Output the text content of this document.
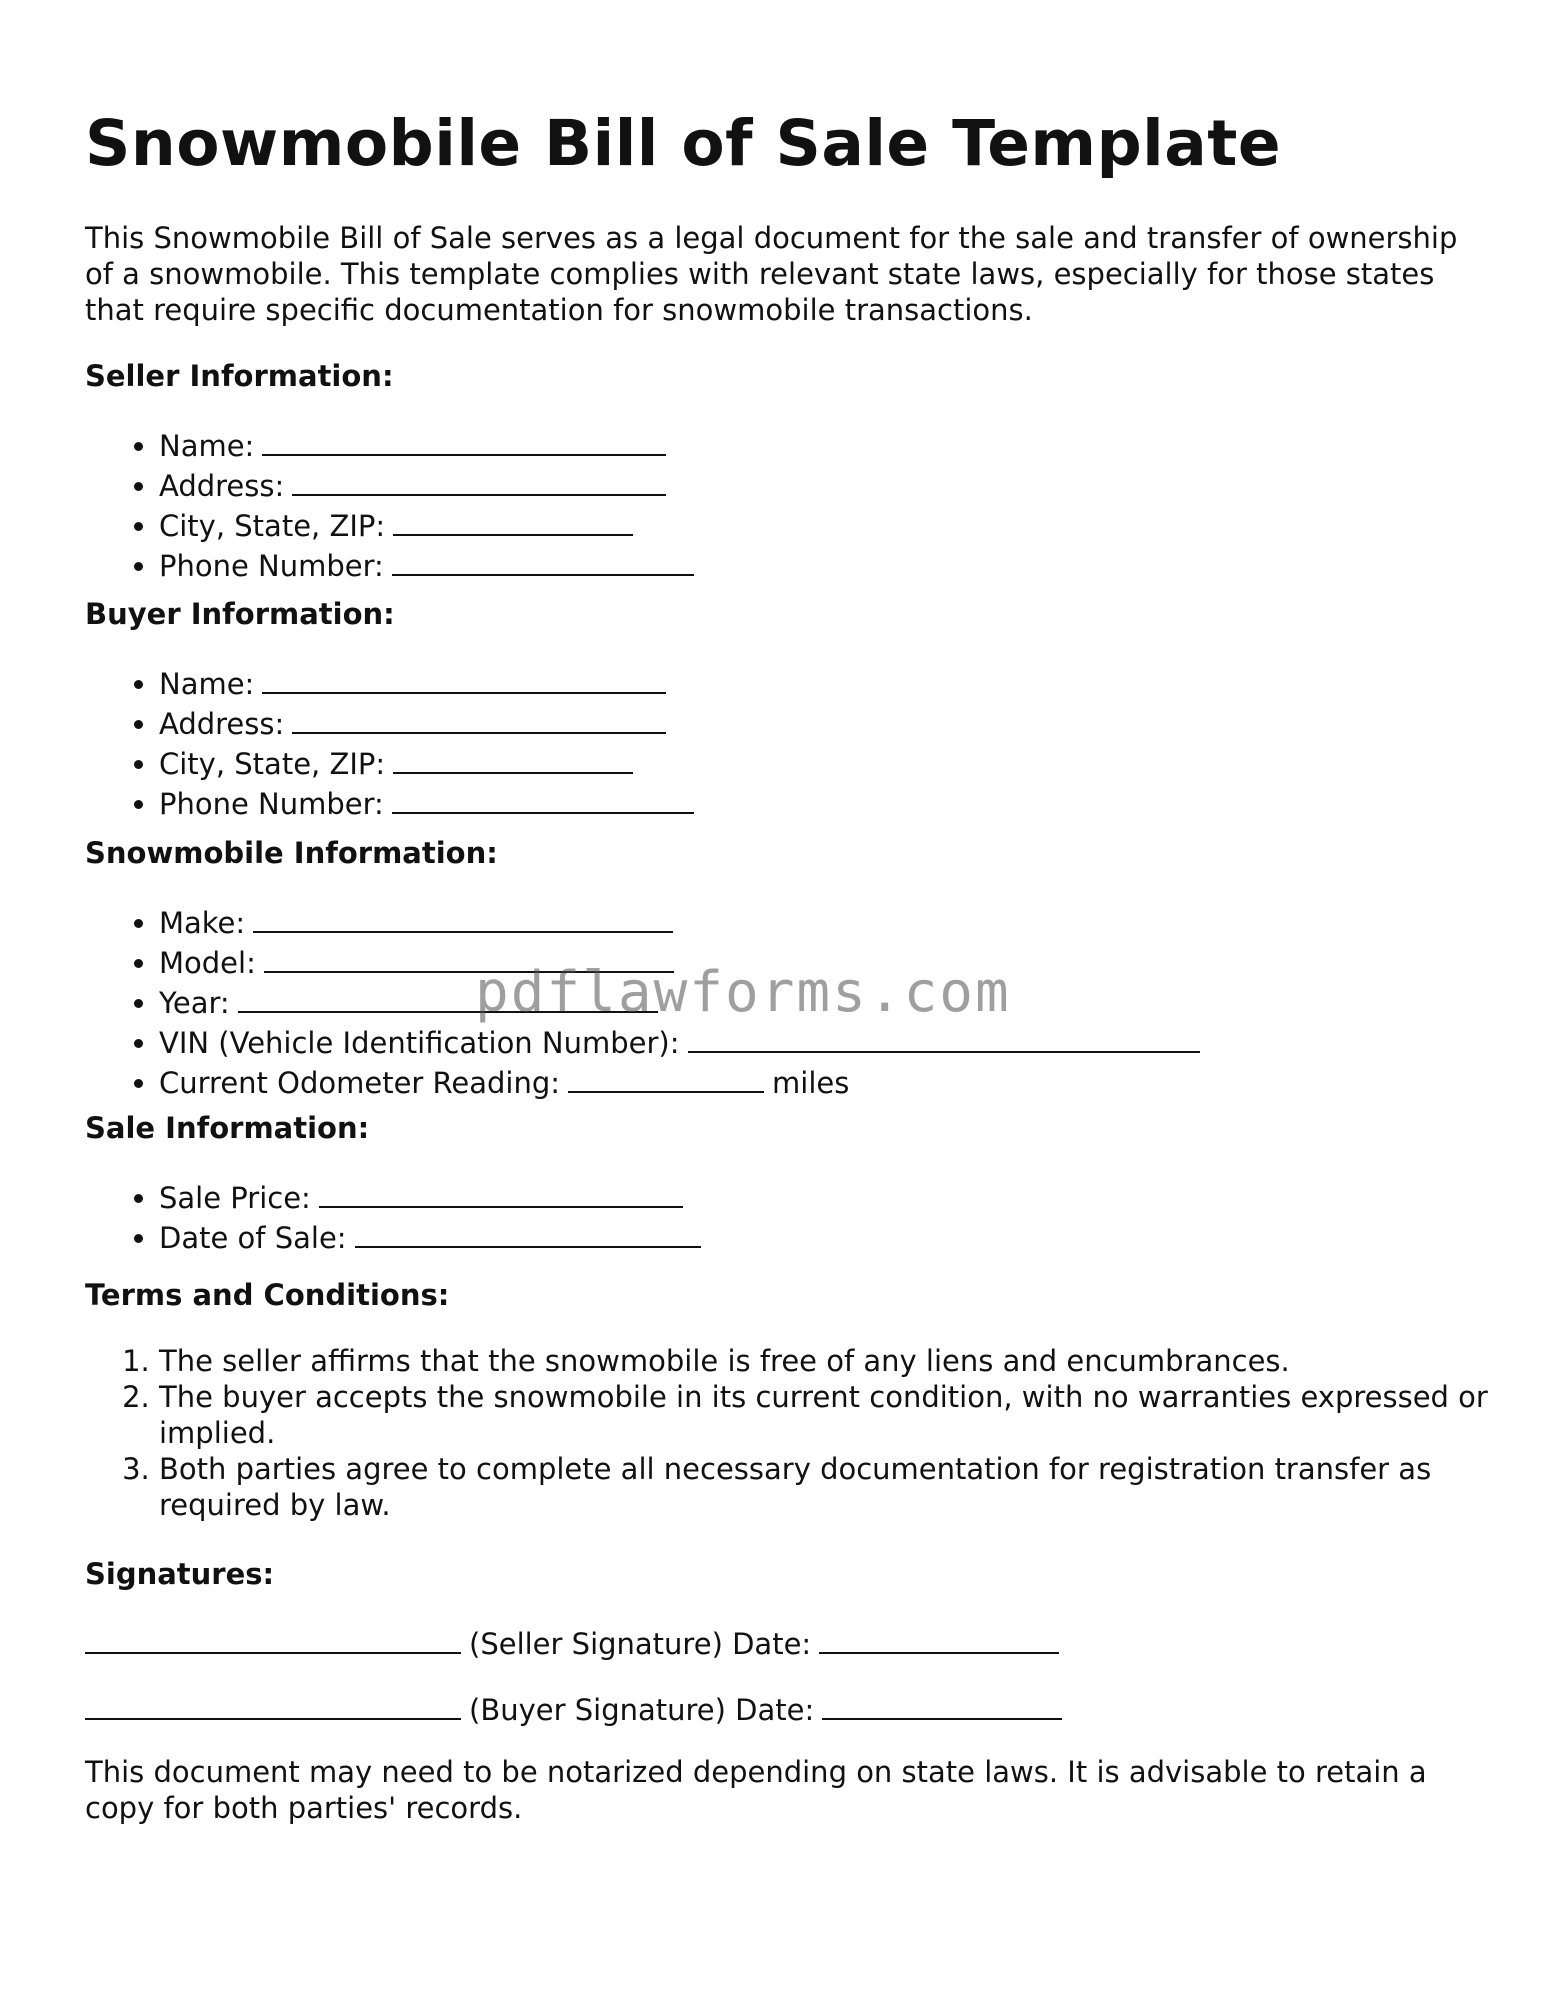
Snowmobile Bill of Sale Template

This Snowmobile Bill of Sale serves as a legal document for the sale and transfer of ownership of a snowmobile. This template complies with relevant state laws, especially for those states that require specific documentation for snowmobile transactions.

Seller Information:
• Name:
• Address:
• City, State, ZIP:
• Phone Number:
Buyer Information:
• Name:
• Address:
• City, State, ZIP:
• Phone Number:
Snowmobile Information:
• Make:
• Model:
• Year:
• VIN (Vehicle Identification Number):
• Current Odometer Reading:	miles
Sale Information:
• Sale Price:
• Date of Sale:
Terms and Conditions:
1. The seller affirms that the snowmobile is free of any liens and encumbrances.
2. The buyer accepts the snowmobile in its current condition, with no warranties expressed or implied.
3. Both parties agree to complete all necessary documentation for registration transfer as required by law.
Signatures:
(Seller Signature) Date:
(Buyer Signature) Date:

This document may need to be notarized depending on state laws. It is advisable to retain a copy for both parties' records.

pdflawforms.com
